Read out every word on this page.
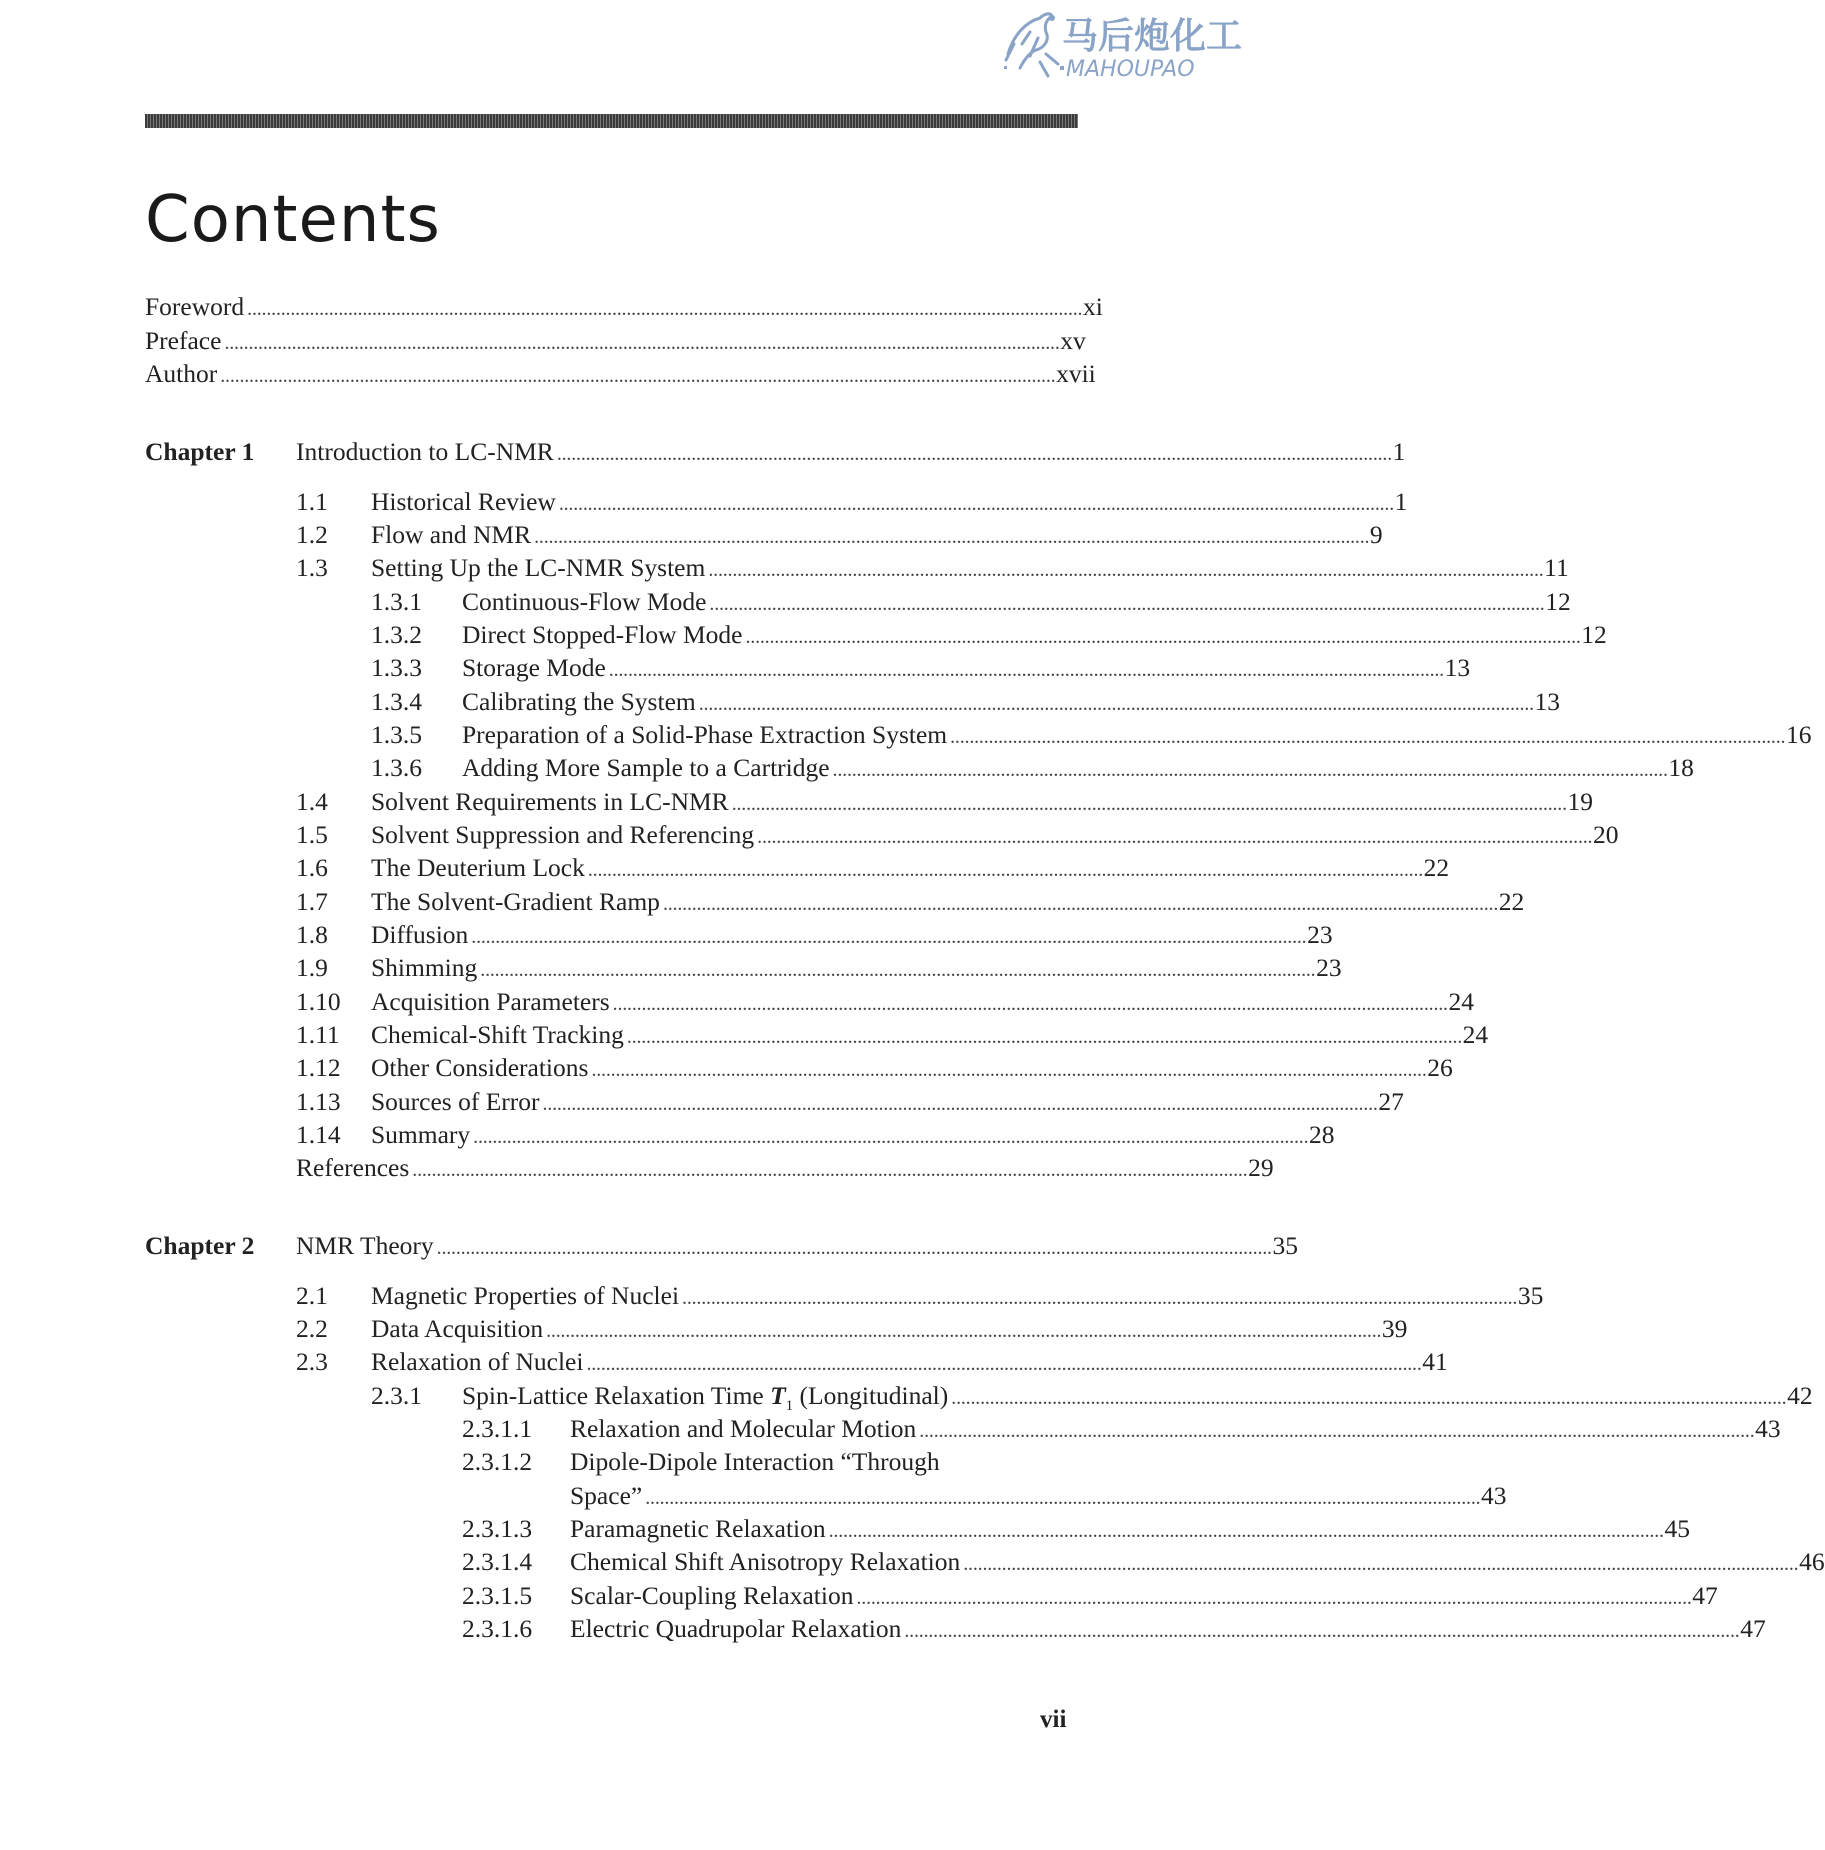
马后炮化工
MAHOUPAO
Contents
Foreword . . .	xi
Preface . . .	xv
Author . . .	xvii
Chapter 1 Introduction to LC-NMR . . .	1
1.1	Historical Review . . .	1
1.2	Flow and NMR . . .	9
1.3	Setting Up the LC-NMR System . . .	11
1.3.1	Continuous-Flow Mode . . .	12
1.3.2	Direct Stopped-Flow Mode . . .	12
1.3.3	Storage Mode . . .	13
1.3.4	Calibrating the System . . .	13
1.3.5	Preparation of a Solid-Phase Extraction System . . .	16
1.3.6	Adding More Sample to a Cartridge . . .	18
1.4	Solvent Requirements in LC-NMR . . .	19
1.5	Solvent Suppression and Referencing . . .	20
1.6	The Deuterium Lock . . .	22
1.7	The Solvent-Gradient Ramp . . .	22
1.8	Diffusion . . .	23
1.9	Shimming . . .	23
1.10	Acquisition Parameters . . .	24
1.11	Chemical-Shift Tracking . . .	24
1.12	Other Considerations . . .	26
1.13	Sources of Error . . .	27
1.14	Summary . . .	28
References . . .	29
Chapter 2 NMR Theory . . .	35
2.1	Magnetic Properties of Nuclei . . .	35
2.2	Data Acquisition . . .	39
2.3	Relaxation of Nuclei . . .	41
2.3.1	Spin-Lattice Relaxation Time $T_1$ (Longitudinal) . . .	42
2.3.1.1	Relaxation and Molecular Motion . . .	43
2.3.1.2	Dipole-Dipole Interaction “Through
Space” . . .	43
2.3.1.3	Paramagnetic Relaxation . . .	45
2.3.1.4	Chemical Shift Anisotropy Relaxation . . .	46
2.3.1.5	Scalar-Coupling Relaxation . . .	47
2.3.1.6	Electric Quadrupolar Relaxation . . .	47
vii
